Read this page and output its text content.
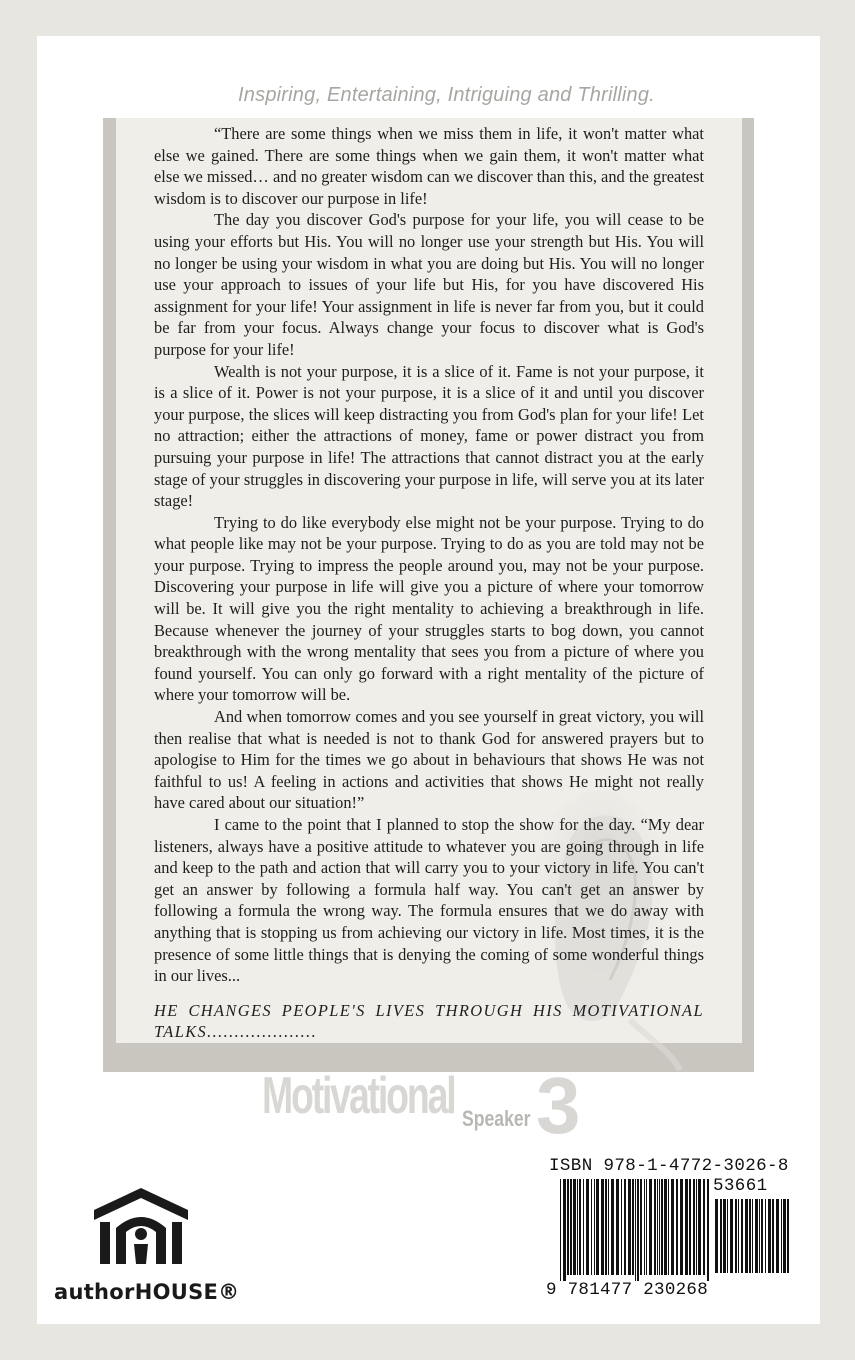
Inspiring, Entertaining, Intriguing and Thrilling.

“There are some things when we miss them in life, it won't matter what else we gained. There are some things when we gain them, it won't matter what else we missed… and no greater wisdom can we discover than this, and the greatest wisdom is to discover our purpose in life!

The day you discover God's purpose for your life, you will cease to be using your efforts but His. You will no longer use your strength but His. You will no longer be using your wisdom in what you are doing but His. You will no longer use your approach to issues of your life but His, for you have discovered His assignment for your life! Your assignment in life is never far from you, but it could be far from your focus. Always change your focus to discover what is God's purpose for your life!

Wealth is not your purpose, it is a slice of it. Fame is not your purpose, it is a slice of it. Power is not your purpose, it is a slice of it and until you discover your purpose, the slices will keep distracting you from God's plan for your life! Let no attraction; either the attractions of money, fame or power distract you from pursuing your purpose in life! The attractions that cannot distract you at the early stage of your struggles in discovering your purpose in life, will serve you at its later stage!

Trying to do like everybody else might not be your purpose. Trying to do what people like may not be your purpose. Trying to do as you are told may not be your purpose. Trying to impress the people around you, may not be your purpose. Discovering your purpose in life will give you a picture of where your tomorrow will be. It will give you the right mentality to achieving a breakthrough in life. Because whenever the journey of your struggles starts to bog down, you cannot breakthrough with the wrong mentality that sees you from a picture of where you found yourself. You can only go forward with a right mentality of the picture of where your tomorrow will be.

And when tomorrow comes and you see yourself in great victory, you will then realise that what is needed is not to thank God for answered prayers but to apologise to Him for the times we go about in behaviours that shows He was not faithful to us! A feeling in actions and activities that shows He might not really have cared about our situation!”

I came to the point that I planned to stop the show for the day. “My dear listeners, always have a positive attitude to whatever you are going through in life and keep to the path and action that will carry you to your victory in life. You can't get an answer by following a formula half way. You can't get an answer by following a formula the wrong way. The formula ensures that we do away with anything that is stopping us from achieving our victory in life. Most times, it is the presence of some little things that is denying the coming of some wonderful things in our lives...

HE CHANGES PEOPLE'S LIVES THROUGH HIS MOTIVATIONAL TALKS....................

Motivational Speaker 3
ISBN 978-1-4772-3026-8
53661
9 781477 230268
authorHOUSE®
